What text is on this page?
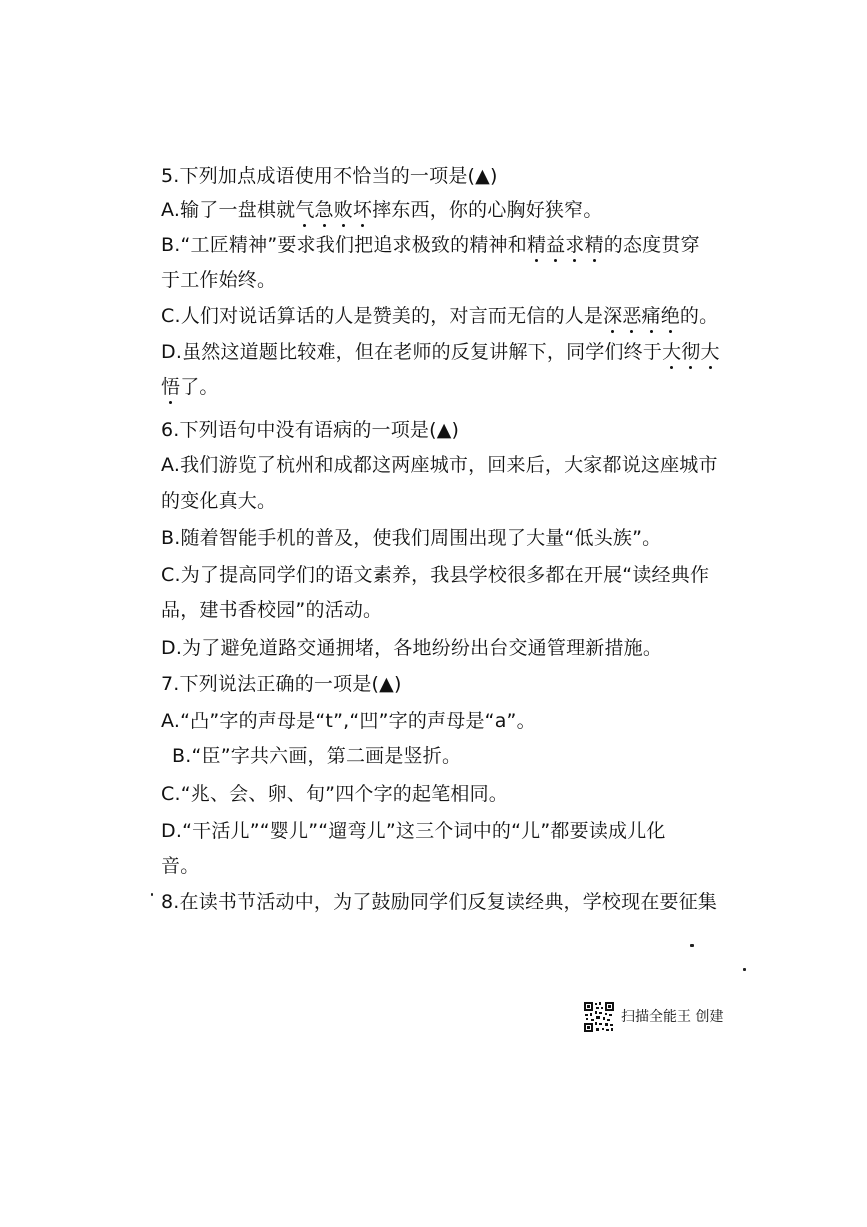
5.下列加点成语使用不恰当的一项是(▲)
A.输了一盘棋就气急败坏摔东西，你的心胸好狭窄。
B.“工匠精神”要求我们把追求极致的精神和精益求精的态度贯穿
于工作始终。
C.人们对说话算话的人是赞美的，对言而无信的人是深恶痛绝的。
D.虽然这道题比较难，但在老师的反复讲解下，同学们终于大彻大
悟了。
6.下列语句中没有语病的一项是(▲)
A.我们游览了杭州和成都这两座城市，回来后，大家都说这座城市
的变化真大。
B.随着智能手机的普及，使我们周围出现了大量“低头族”。
C.为了提高同学们的语文素养，我县学校很多都在开展“读经典作
品，建书香校园”的活动。
D.为了避免道路交通拥堵，各地纷纷出台交通管理新措施。
7.下列说法正确的一项是(▲)
A.“凸”字的声母是“t”,“凹”字的声母是“a”。
B.“臣”字共六画，第二画是竖折。
C.“兆、会、卵、旬”四个字的起笔相同。
D.“干活儿”“婴儿”“遛弯儿”这三个词中的“儿”都要读成儿化
音。
8.在读书节活动中，为了鼓励同学们反复读经典，学校现在要征集
扫描全能王 创建
